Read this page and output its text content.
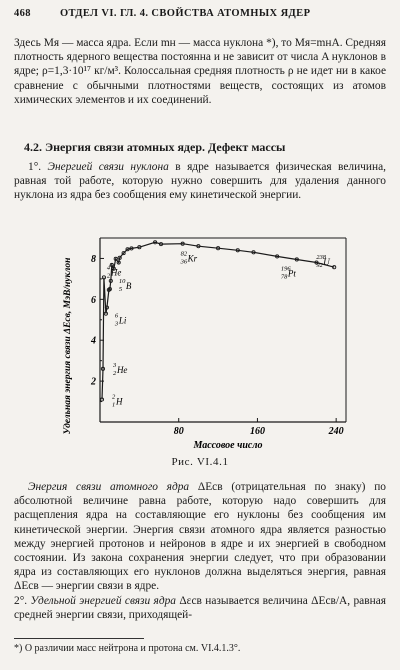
468	ОТДЕЛ VI. ГЛ. 4. СВОЙСТВА АТОМНЫХ ЯДЕР

Здесь Mя — масса ядра. Если mн — масса нуклона *), то Mя=mнA. Средняя плотность ядерного вещества постоянна и не зависит от числа A нуклонов в ядре; ρ=1,3·10¹⁷ кг/м³. Колоссальная средняя плотность ρ не идет ни в какое сравнение с обычными плотностями веществ, состоящих из атомов химических элементов и их соединений.

4.2. Энергия связи атомных ядер. Дефект массы

1°. Энергией связи нуклона в ядре называется физическая величина, равная той работе, которую нужно совершить для удаления данного нуклона из ядра без сообщения ему кинетической энергии.

80	160	240
2
4
6
8
2
1 H
3
2 He
4
2 He
6
3 Li
10
5 B
82
36 Kr
196
78 Pt
238
92 U
Удельная энергия связи ΔEсв, МэВ/нуклон
Массовое число
Рис. VI.4.1

Энергия связи атомного ядра ΔEсв (отрицательная по знаку) по абсолютной величине равна работе, которую надо совершить для расщепления ядра на составляющие его нуклоны без сообщения им кинетической энергии. Энергия связи атомного ядра является разностью между энергией протонов и нейронов в ядре и их энергией в свободном состоянии. Из закона сохранения энергии следует, что при образовании ядра из составляющих его нуклонов должна выделяться энергия, равная ΔEсв — энергии связи в ядре.
2°. Удельной энергией связи ядра Δεсв называется величина ΔEсв/A, равная средней энергии связи, приходящей-

*) О различии масс нейтрона и протона см. VI.4.1.3°.
